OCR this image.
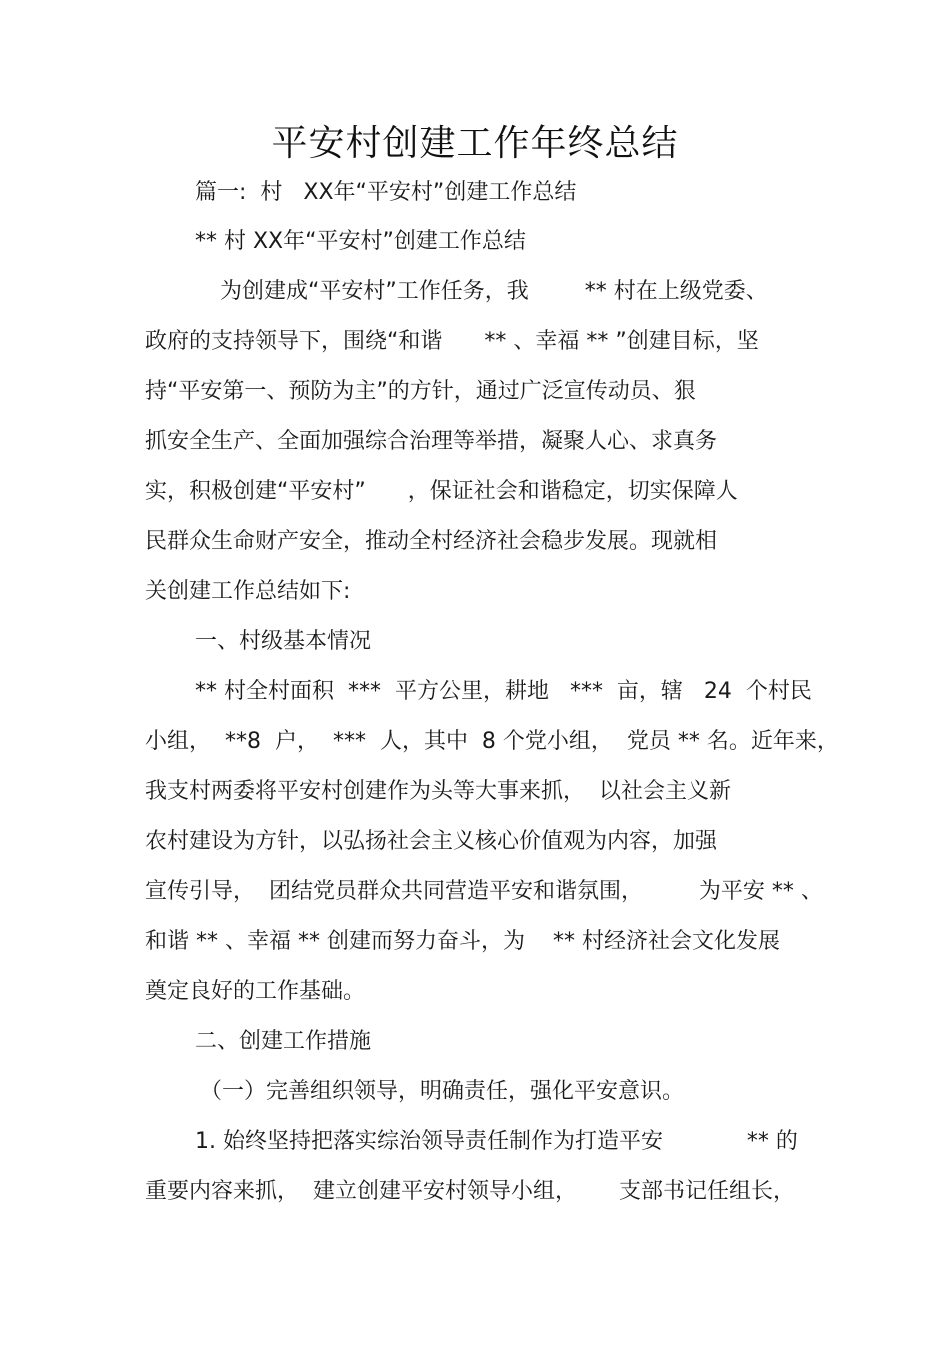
平安村创建工作年终总结
篇一:  村   XX年“平安村”创建工作总结
** 村 XX年“平安村”创建工作总结
为创建成“平安村”工作任务，我        ** 村在上级党委、
政府的支持领导下，围绕“和谐      ** 、幸福 ** ”创建目标，坚
持“平安第一、预防为主”的方针，通过广泛宣传动员、狠
抓安全生产、全面加强综合治理等举措，凝聚人心、求真务
实，积极创建“平安村”      ，保证社会和谐稳定，切实保障人
民群众生命财产安全，推动全村经济社会稳步发展。现就相
关创建工作总结如下:
一、村级基本情况
** 村全村面积  ***  平方公里，耕地   ***  亩，辖   24  个村民
小组，  **8  户，  ***  人，其中  8 个党小组，  党员 ** 名。近年来，
我支村两委将平安村创建作为头等大事来抓，  以社会主义新
农村建设为方针，以弘扬社会主义核心价值观为内容，加强
宣传引导，  团结党员群众共同营造平安和谐氛围，        为平安 ** 、
和谐 ** 、幸福 ** 创建而努力奋斗，为    ** 村经济社会文化发展
奠定良好的工作基础。
二、创建工作措施
（一）完善组织领导，明确责任，强化平安意识。
1. 始终坚持把落实综治领导责任制作为打造平安            ** 的
重要内容来抓，  建立创建平安村领导小组，      支部书记任组长，
